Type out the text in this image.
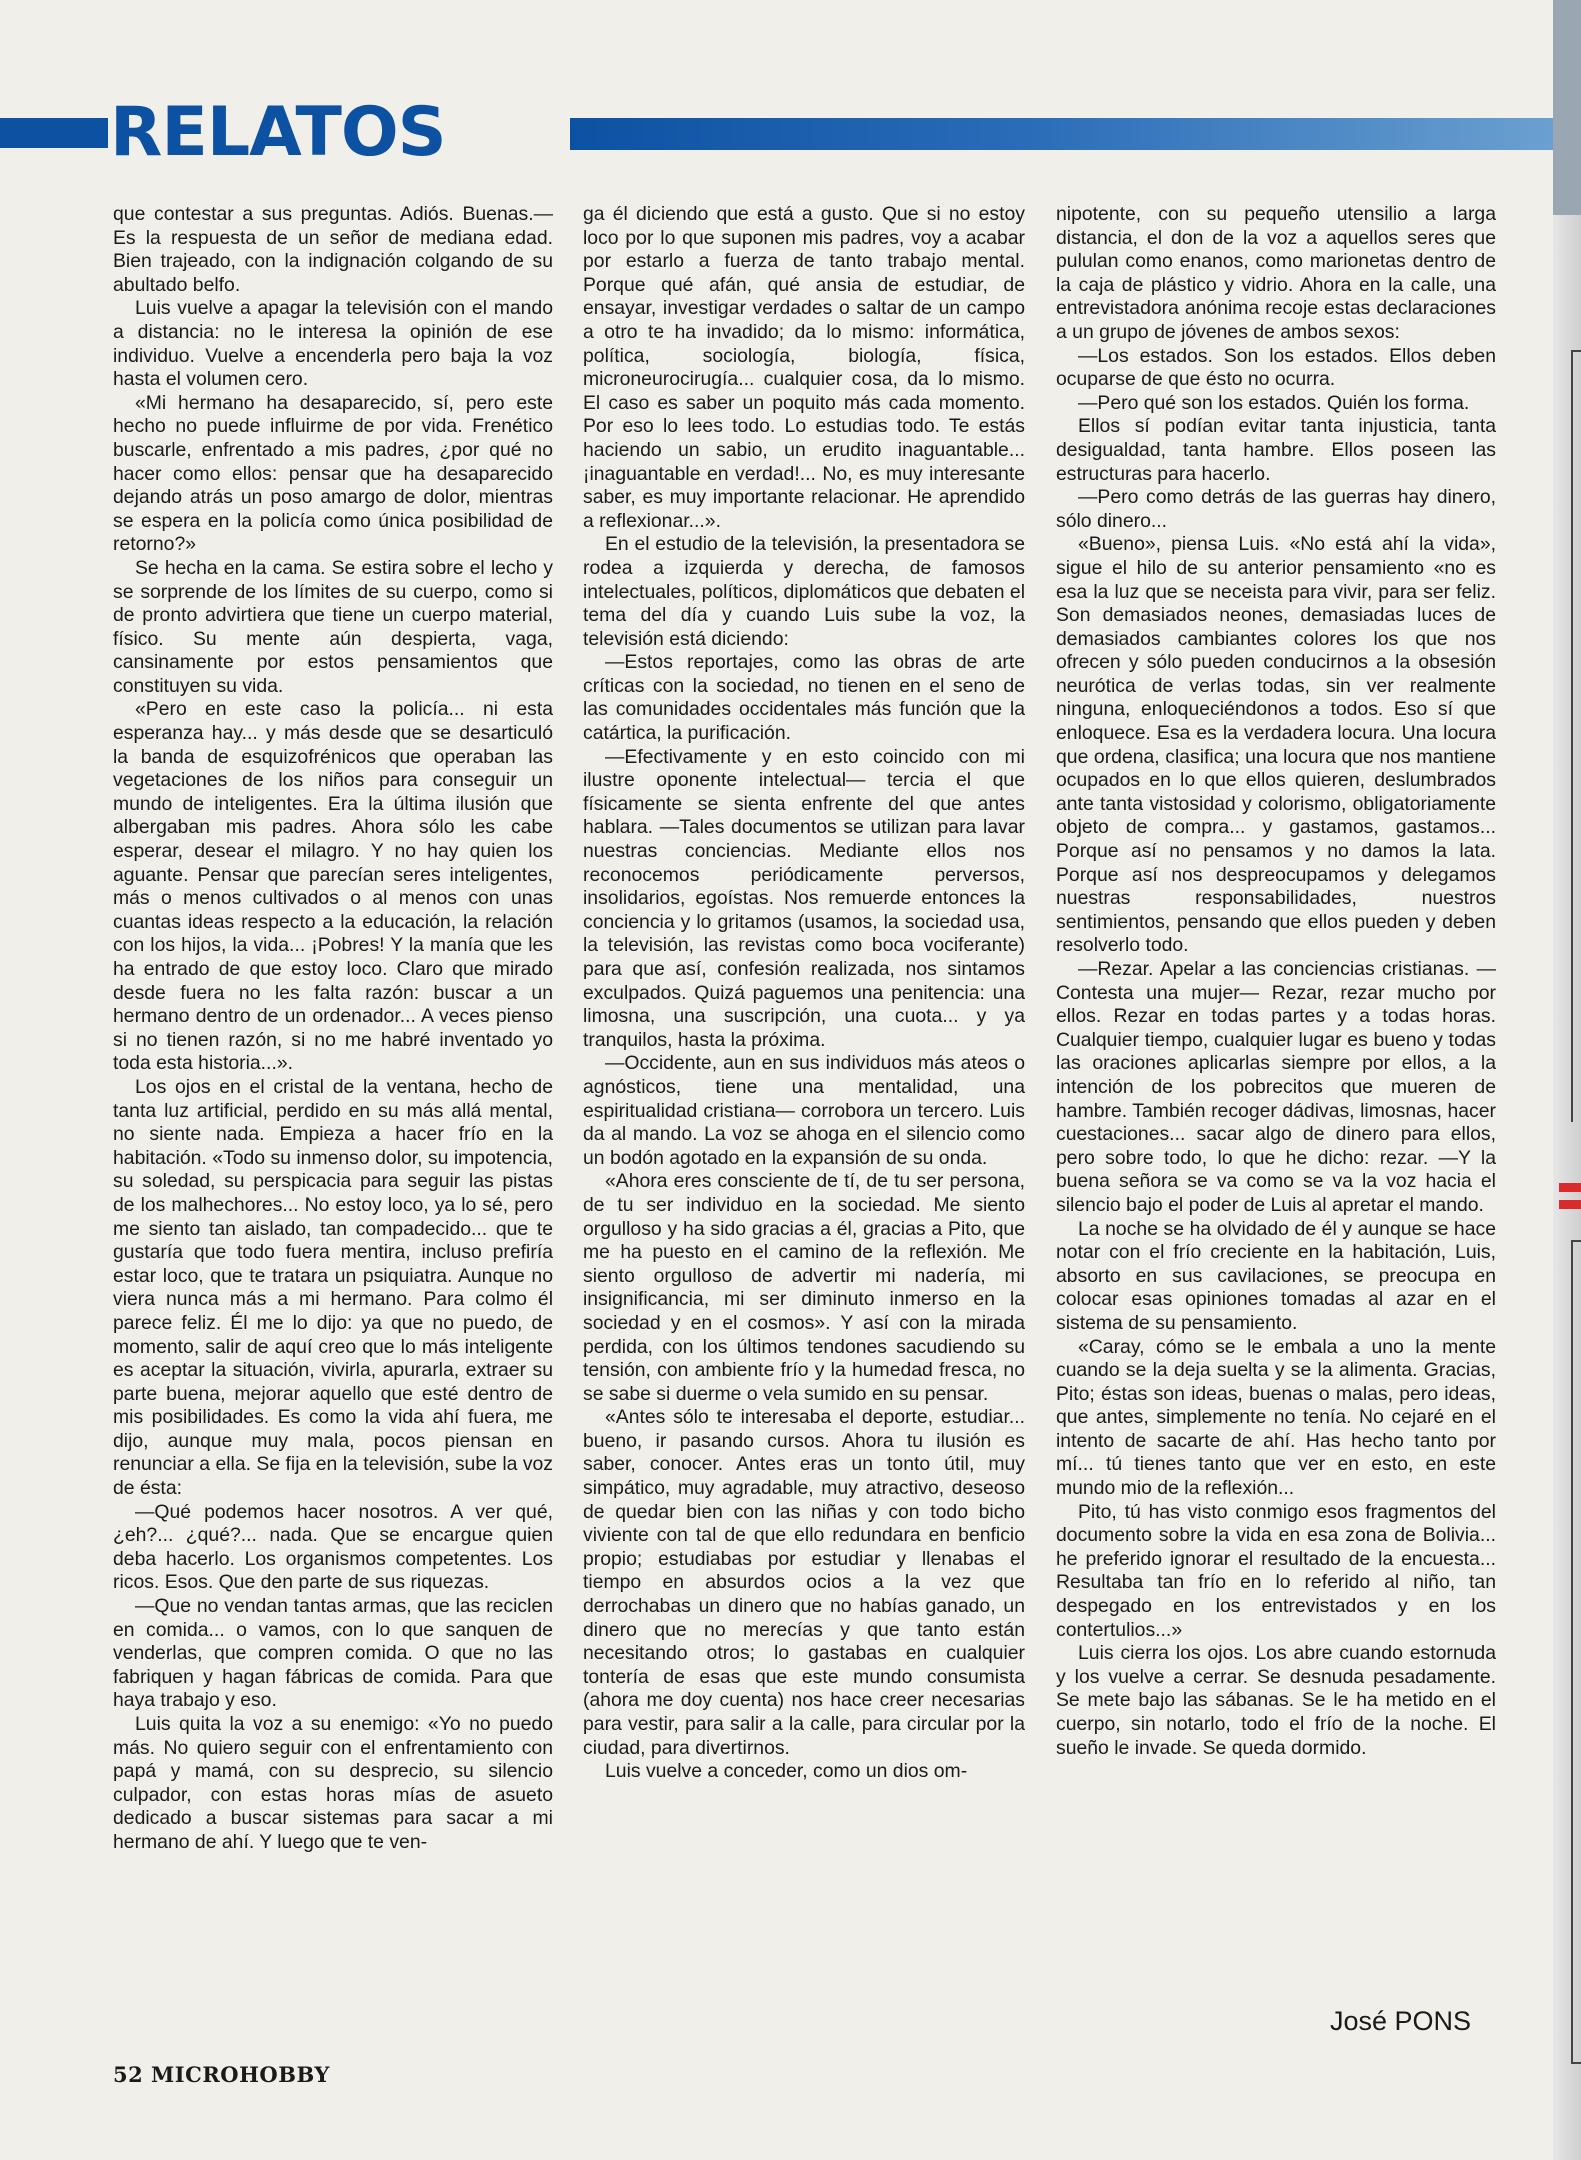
RELATOS

que contestar a sus preguntas. Adiós. Buenas.— Es la respuesta de un señor de mediana edad. Bien trajeado, con la indignación colgando de su abultado belfo.

Luis vuelve a apagar la televisión con el mando a distancia: no le interesa la opinión de ese individuo. Vuelve a encenderla pero baja la voz hasta el volumen cero.

«Mi hermano ha desaparecido, sí, pero este hecho no puede influirme de por vida. Frenético buscarle, enfrentado a mis padres, ¿por qué no hacer como ellos: pensar que ha desaparecido dejando atrás un poso amargo de dolor, mientras se espera en la policía como única posibilidad de retorno?»

Se hecha en la cama. Se estira sobre el lecho y se sorprende de los límites de su cuerpo, como si de pronto advirtiera que tiene un cuerpo material, físico. Su mente aún despierta, vaga, cansinamente por estos pensamientos que constituyen su vida.

«Pero en este caso la policía... ni esta esperanza hay... y más desde que se desarticuló la banda de esquizofrénicos que operaban las vegetaciones de los niños para conseguir un mundo de inteligentes. Era la última ilusión que albergaban mis padres. Ahora sólo les cabe esperar, desear el milagro. Y no hay quien los aguante. Pensar que parecían seres inteligentes, más o menos cultivados o al menos con unas cuantas ideas respecto a la educación, la relación con los hijos, la vida... ¡Pobres! Y la manía que les ha entrado de que estoy loco. Claro que mirado desde fuera no les falta razón: buscar a un hermano dentro de un ordenador... A veces pienso si no tienen razón, si no me habré inventado yo toda esta historia...».

Los ojos en el cristal de la ventana, hecho de tanta luz artificial, perdido en su más allá mental, no siente nada. Empieza a hacer frío en la habitación. «Todo su inmenso dolor, su impotencia, su soledad, su perspicacia para seguir las pistas de los malhechores... No estoy loco, ya lo sé, pero me siento tan aislado, tan compadecido... que te gustaría que todo fuera mentira, incluso prefiría estar loco, que te tratara un psiquiatra. Aunque no viera nunca más a mi hermano. Para colmo él parece feliz. Él me lo dijo: ya que no puedo, de momento, salir de aquí creo que lo más inteligente es aceptar la situación, vivirla, apurarla, extraer su parte buena, mejorar aquello que esté dentro de mis posibilidades. Es como la vida ahí fuera, me dijo, aunque muy mala, pocos piensan en renunciar a ella. Se fija en la televisión, sube la voz de ésta:

—Qué podemos hacer nosotros. A ver qué, ¿eh?... ¿qué?... nada. Que se encargue quien deba hacerlo. Los organismos competentes. Los ricos. Esos. Que den parte de sus riquezas.

—Que no vendan tantas armas, que las reciclen en comida... o vamos, con lo que sanquen de venderlas, que compren comida. O que no las fabriquen y hagan fábricas de comida. Para que haya trabajo y eso.

Luis quita la voz a su enemigo: «Yo no puedo más. No quiero seguir con el enfrentamiento con papá y mamá, con su desprecio, su silencio culpador, con estas horas mías de asueto dedicado a buscar sistemas para sacar a mi hermano de ahí. Y luego que te ven-

ga él diciendo que está a gusto. Que si no estoy loco por lo que suponen mis padres, voy a acabar por estarlo a fuerza de tanto trabajo mental. Porque qué afán, qué ansia de estudiar, de ensayar, investigar verdades o saltar de un campo a otro te ha invadido; da lo mismo: informática, política, sociología, biología, física, microneurocirugía... cualquier cosa, da lo mismo. El caso es saber un poquito más cada momento. Por eso lo lees todo. Lo estudias todo. Te estás haciendo un sabio, un erudito inaguantable... ¡inaguantable en verdad!... No, es muy interesante saber, es muy importante relacionar. He aprendido a reflexionar...».

En el estudio de la televisión, la presentadora se rodea a izquierda y derecha, de famosos intelectuales, políticos, diplomáticos que debaten el tema del día y cuando Luis sube la voz, la televisión está diciendo:

—Estos reportajes, como las obras de arte críticas con la sociedad, no tienen en el seno de las comunidades occidentales más función que la catártica, la purificación.

—Efectivamente y en esto coincido con mi ilustre oponente intelectual— tercia el que físicamente se sienta enfrente del que antes hablara. —Tales documentos se utilizan para lavar nuestras conciencias. Mediante ellos nos reconocemos periódicamente perversos, insolidarios, egoístas. Nos remuerde entonces la conciencia y lo gritamos (usamos, la sociedad usa, la televisión, las revistas como boca vociferante) para que así, confesión realizada, nos sintamos exculpados. Quizá paguemos una penitencia: una limosna, una suscripción, una cuota... y ya tranquilos, hasta la próxima.

—Occidente, aun en sus individuos más ateos o agnósticos, tiene una mentalidad, una espiritualidad cristiana— corrobora un tercero. Luis da al mando. La voz se ahoga en el silencio como un bodón agotado en la expansión de su onda.

«Ahora eres consciente de tí, de tu ser persona, de tu ser individuo en la sociedad. Me siento orgulloso y ha sido gracias a él, gracias a Pito, que me ha puesto en el camino de la reflexión. Me siento orgulloso de advertir mi nadería, mi insignificancia, mi ser diminuto inmerso en la sociedad y en el cosmos». Y así con la mirada perdida, con los últimos tendones sacudiendo su tensión, con ambiente frío y la humedad fresca, no se sabe si duerme o vela sumido en su pensar.

«Antes sólo te interesaba el deporte, estudiar... bueno, ir pasando cursos. Ahora tu ilusión es saber, conocer. Antes eras un tonto útil, muy simpático, muy agradable, muy atractivo, deseoso de quedar bien con las niñas y con todo bicho viviente con tal de que ello redundara en benficio propio; estudiabas por estudiar y llenabas el tiempo en absurdos ocios a la vez que derrochabas un dinero que no habías ganado, un dinero que no merecías y que tanto están necesitando otros; lo gastabas en cualquier tontería de esas que este mundo consumista (ahora me doy cuenta) nos hace creer necesarias para vestir, para salir a la calle, para circular por la ciudad, para divertirnos.

Luis vuelve a conceder, como un dios om-

nipotente, con su pequeño utensilio a larga distancia, el don de la voz a aquellos seres que pululan como enanos, como marionetas dentro de la caja de plástico y vidrio. Ahora en la calle, una entrevistadora anónima recoje estas declaraciones a un grupo de jóvenes de ambos sexos:

—Los estados. Son los estados. Ellos deben ocuparse de que ésto no ocurra.

—Pero qué son los estados. Quién los forma.

Ellos sí podían evitar tanta injusticia, tanta desigualdad, tanta hambre. Ellos poseen las estructuras para hacerlo.

—Pero como detrás de las guerras hay dinero, sólo dinero...

«Bueno», piensa Luis. «No está ahí la vida», sigue el hilo de su anterior pensamiento «no es esa la luz que se neceista para vivir, para ser feliz. Son demasiados neones, demasiadas luces de demasiados cambiantes colores los que nos ofrecen y sólo pueden conducirnos a la obsesión neurótica de verlas todas, sin ver realmente ninguna, enloqueciéndonos a todos. Eso sí que enloquece. Esa es la verdadera locura. Una locura que ordena, clasifica; una locura que nos mantiene ocupados en lo que ellos quieren, deslumbrados ante tanta vistosidad y colorismo, obligatoriamente objeto de compra... y gastamos, gastamos... Porque así no pensamos y no damos la lata. Porque así nos despreocupamos y delegamos nuestras responsabilidades, nuestros sentimientos, pensando que ellos pueden y deben resolverlo todo.

—Rezar. Apelar a las conciencias cristianas. —Contesta una mujer— Rezar, rezar mucho por ellos. Rezar en todas partes y a todas horas. Cualquier tiempo, cualquier lugar es bueno y todas las oraciones aplicarlas siempre por ellos, a la intención de los pobrecitos que mueren de hambre. También recoger dádivas, limosnas, hacer cuestaciones... sacar algo de dinero para ellos, pero sobre todo, lo que he dicho: rezar. —Y la buena señora se va como se va la voz hacia el silencio bajo el poder de Luis al apretar el mando.

La noche se ha olvidado de él y aunque se hace notar con el frío creciente en la habitación, Luis, absorto en sus cavilaciones, se preocupa en colocar esas opiniones tomadas al azar en el sistema de su pensamiento.

«Caray, cómo se le embala a uno la mente cuando se la deja suelta y se la alimenta. Gracias, Pito; éstas son ideas, buenas o malas, pero ideas, que antes, simplemente no tenía. No cejaré en el intento de sacarte de ahí. Has hecho tanto por mí... tú tienes tanto que ver en esto, en este mundo mio de la reflexión...

Pito, tú has visto conmigo esos fragmentos del documento sobre la vida en esa zona de Bolivia... he preferido ignorar el resultado de la encuesta... Resultaba tan frío en lo referido al niño, tan despegado en los entrevistados y en los contertulios...»

Luis cierra los ojos. Los abre cuando estornuda y los vuelve a cerrar. Se desnuda pesadamente. Se mete bajo las sábanas. Se le ha metido en el cuerpo, sin notarlo, todo el frío de la noche. El sueño le invade. Se queda dormido.

José PONS
52 MICROHOBBY
